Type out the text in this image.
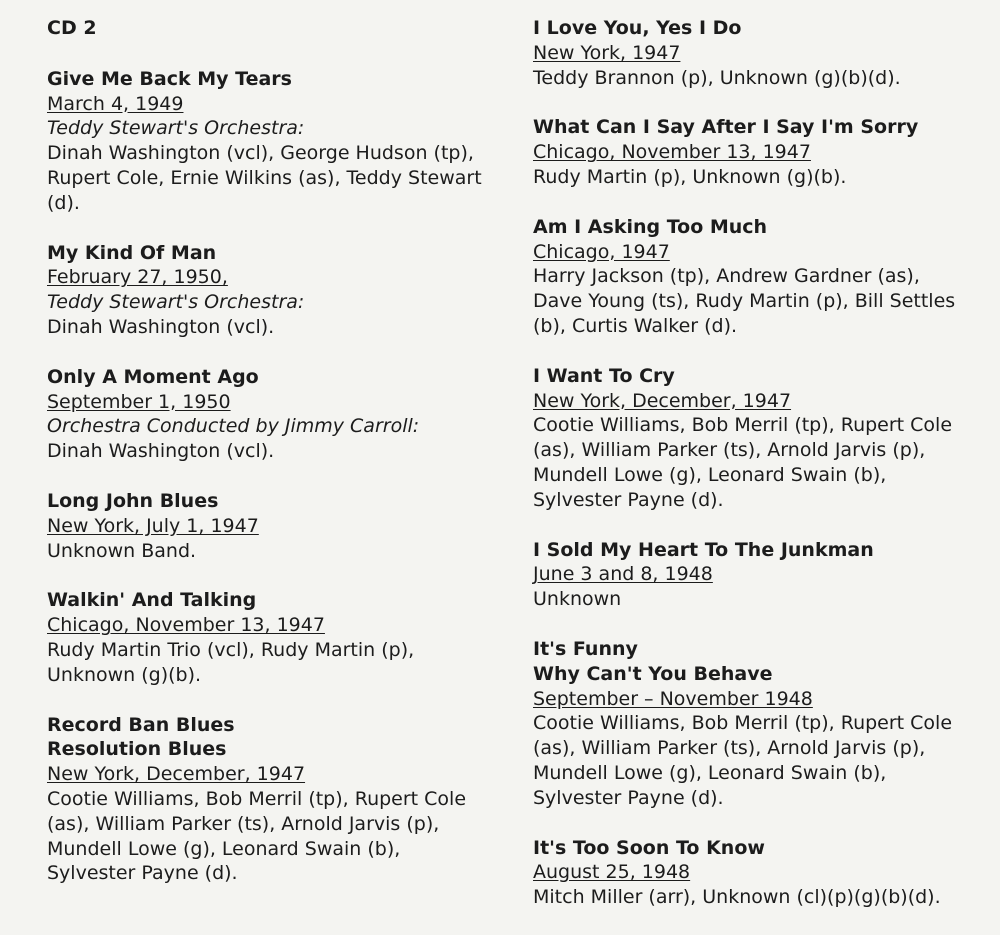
CD 2
Give Me Back My Tears
March 4, 1949
Teddy Stewart's Orchestra:
Dinah Washington (vcl), George Hudson (tp),
Rupert Cole, Ernie Wilkins (as), Teddy Stewart
(d).
My Kind Of Man
February 27, 1950,
Teddy Stewart's Orchestra:
Dinah Washington (vcl).
Only A Moment Ago
September 1, 1950
Orchestra Conducted by Jimmy Carroll:
Dinah Washington (vcl).
Long John Blues
New York, July 1, 1947
Unknown Band.
Walkin' And Talking
Chicago, November 13, 1947
Rudy Martin Trio (vcl), Rudy Martin (p),
Unknown (g)(b).
Record Ban Blues
Resolution Blues
New York, December, 1947
Cootie Williams, Bob Merril (tp), Rupert Cole
(as), William Parker (ts), Arnold Jarvis (p),
Mundell Lowe (g), Leonard Swain (b),
Sylvester Payne (d).
I Love You, Yes I Do
New York, 1947
Teddy Brannon (p), Unknown (g)(b)(d).
What Can I Say After I Say I'm Sorry
Chicago, November 13, 1947
Rudy Martin (p), Unknown (g)(b).
Am I Asking Too Much
Chicago, 1947
Harry Jackson (tp), Andrew Gardner (as),
Dave Young (ts), Rudy Martin (p), Bill Settles
(b), Curtis Walker (d).
I Want To Cry
New York, December, 1947
Cootie Williams, Bob Merril (tp), Rupert Cole
(as), William Parker (ts), Arnold Jarvis (p),
Mundell Lowe (g), Leonard Swain (b),
Sylvester Payne (d).
I Sold My Heart To The Junkman
June 3 and 8, 1948
Unknown
It's Funny
Why Can't You Behave
September – November 1948
Cootie Williams, Bob Merril (tp), Rupert Cole
(as), William Parker (ts), Arnold Jarvis (p),
Mundell Lowe (g), Leonard Swain (b),
Sylvester Payne (d).
It's Too Soon To Know
August 25, 1948
Mitch Miller (arr), Unknown (cl)(p)(g)(b)(d).
